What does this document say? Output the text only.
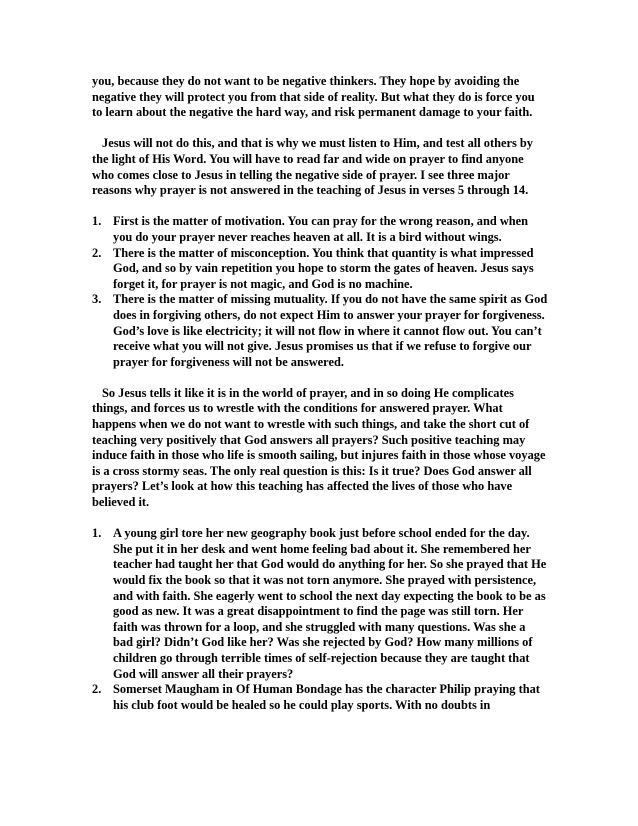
you, because they do not want to be negative thinkers. They hope by avoiding the negative they will protect you from that side of reality. But what they do is force you to learn about the negative the hard way, and risk permanent damage to your faith.

Jesus will not do this, and that is why we must listen to Him, and test all others by the light of His Word. You will have to read far and wide on prayer to find anyone who comes close to Jesus in telling the negative side of prayer. I see three major reasons why prayer is not answered in the teaching of Jesus in verses 5 through 14.

1. First is the matter of motivation. You can pray for the wrong reason, and when you do your prayer never reaches heaven at all. It is a bird without wings.
2. There is the matter of misconception. You think that quantity is what impressed God, and so by vain repetition you hope to storm the gates of heaven. Jesus says forget it, for prayer is not magic, and God is no machine.
3. There is the matter of missing mutuality. If you do not have the same spirit as God does in forgiving others, do not expect Him to answer your prayer for forgiveness. God’s love is like electricity; it will not flow in where it cannot flow out. You can’t receive what you will not give. Jesus promises us that if we refuse to forgive our prayer for forgiveness will not be answered.

So Jesus tells it like it is in the world of prayer, and in so doing He complicates things, and forces us to wrestle with the conditions for answered prayer. What happens when we do not want to wrestle with such things, and take the short cut of teaching very positively that God answers all prayers? Such positive teaching may induce faith in those who life is smooth sailing, but injures faith in those whose voyage is a cross stormy seas. The only real question is this: Is it true? Does God answer all prayers? Let’s look at how this teaching has affected the lives of those who have believed it.

1. A young girl tore her new geography book just before school ended for the day. She put it in her desk and went home feeling bad about it. She remembered her teacher had taught her that God would do anything for her. So she prayed that He would fix the book so that it was not torn anymore. She prayed with persistence, and with faith. She eagerly went to school the next day expecting the book to be as good as new. It was a great disappointment to find the page was still torn. Her faith was thrown for a loop, and she struggled with many questions. Was she a bad girl? Didn’t God like her? Was she rejected by God? How many millions of children go through terrible times of self-rejection because they are taught that God will answer all their prayers?
2. Somerset Maugham in Of Human Bondage has the character Philip praying that his club foot would be healed so he could play sports. With no doubts in
